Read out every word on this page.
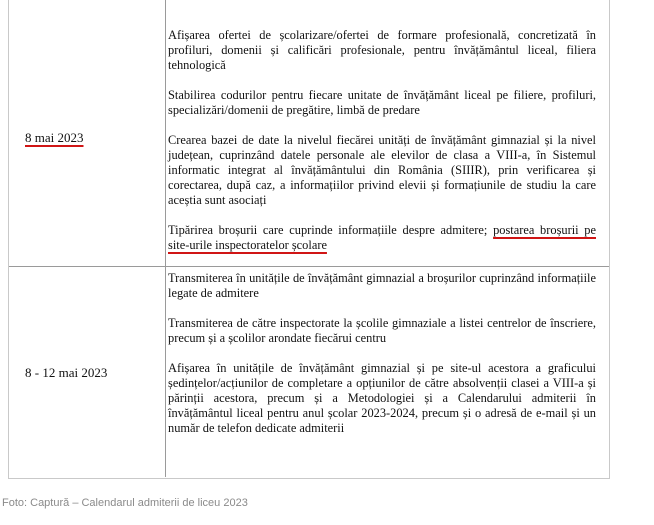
8 mai 2023

Afișarea ofertei de școlarizare/ofertei de formare profesională, concretizată în profiluri, domenii și calificări profesionale, pentru învățământul liceal, filiera tehnologică

Stabilirea codurilor pentru fiecare unitate de învățământ liceal pe filiere, profiluri, specializări/domenii de pregătire, limbă de predare

Crearea bazei de date la nivelul fiecărei unități de învățământ gimnazial și la nivel județean, cuprinzând datele personale ale elevilor de clasa a VIII-a, în Sistemul informatic integrat al învățământului din România (SIIIR), prin verificarea și corectarea, după caz, a informațiilor privind elevii și formațiunile de studiu la care aceștia sunt asociați

Tipărirea broșurii care cuprinde informațiile despre admitere; postarea broșurii pe site-urile inspectoratelor școlare

8 - 12 mai 2023

Transmiterea în unitățile de învățământ gimnazial a broșurilor cuprinzând informațiile legate de admitere

Transmiterea de către inspectorate la școlile gimnaziale a listei centrelor de înscriere, precum și a școlilor arondate fiecărui centru

Afișarea în unitățile de învățământ gimnazial și pe site-ul acestora a graficului ședințelor/acțiunilor de completare a opțiunilor de către absolvenții clasei a VIII-a și părinții acestora, precum și a Metodologiei și a Calendarului admiterii în învățământul liceal pentru anul școlar 2023-2024, precum și o adresă de e-mail și un număr de telefon dedicate admiterii

Foto: Captură – Calendarul admiterii de liceu 2023
